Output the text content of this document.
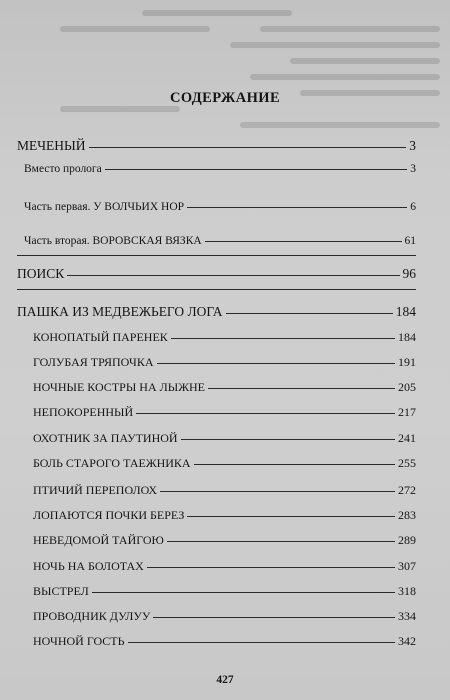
СОДЕРЖАНИЕ
МЕЧЕНЫЙ	3
Вместо пролога	3
Часть первая. У ВОЛЧЬИХ НОР	6
Часть вторая. ВОРОВСКАЯ ВЯЗКА	61
ПОИСК	96
ПАШКА ИЗ МЕДВЕЖЬЕГО ЛОГА	184
КОНОПАТЫЙ ПАРЕНЕК	184
ГОЛУБАЯ ТРЯПОЧКА	191
НОЧНЫЕ КОСТРЫ НА ЛЫЖНЕ	205
НЕПОКОРЕННЫЙ	217
ОХОТНИК ЗА ПАУТИНОЙ	241
БОЛЬ СТАРОГО ТАЕЖНИКА	255
ПТИЧИЙ ПЕРЕПОЛОХ	272
ЛОПАЮТСЯ ПОЧКИ БЕРЕЗ	283
НЕВЕДОМОЙ ТАЙГОЮ	289
НОЧЬ НА БОЛОТАХ	307
ВЫСТРЕЛ	318
ПРОВОДНИК ДУЛУУ	334
НОЧНОЙ ГОСТЬ	342
427
